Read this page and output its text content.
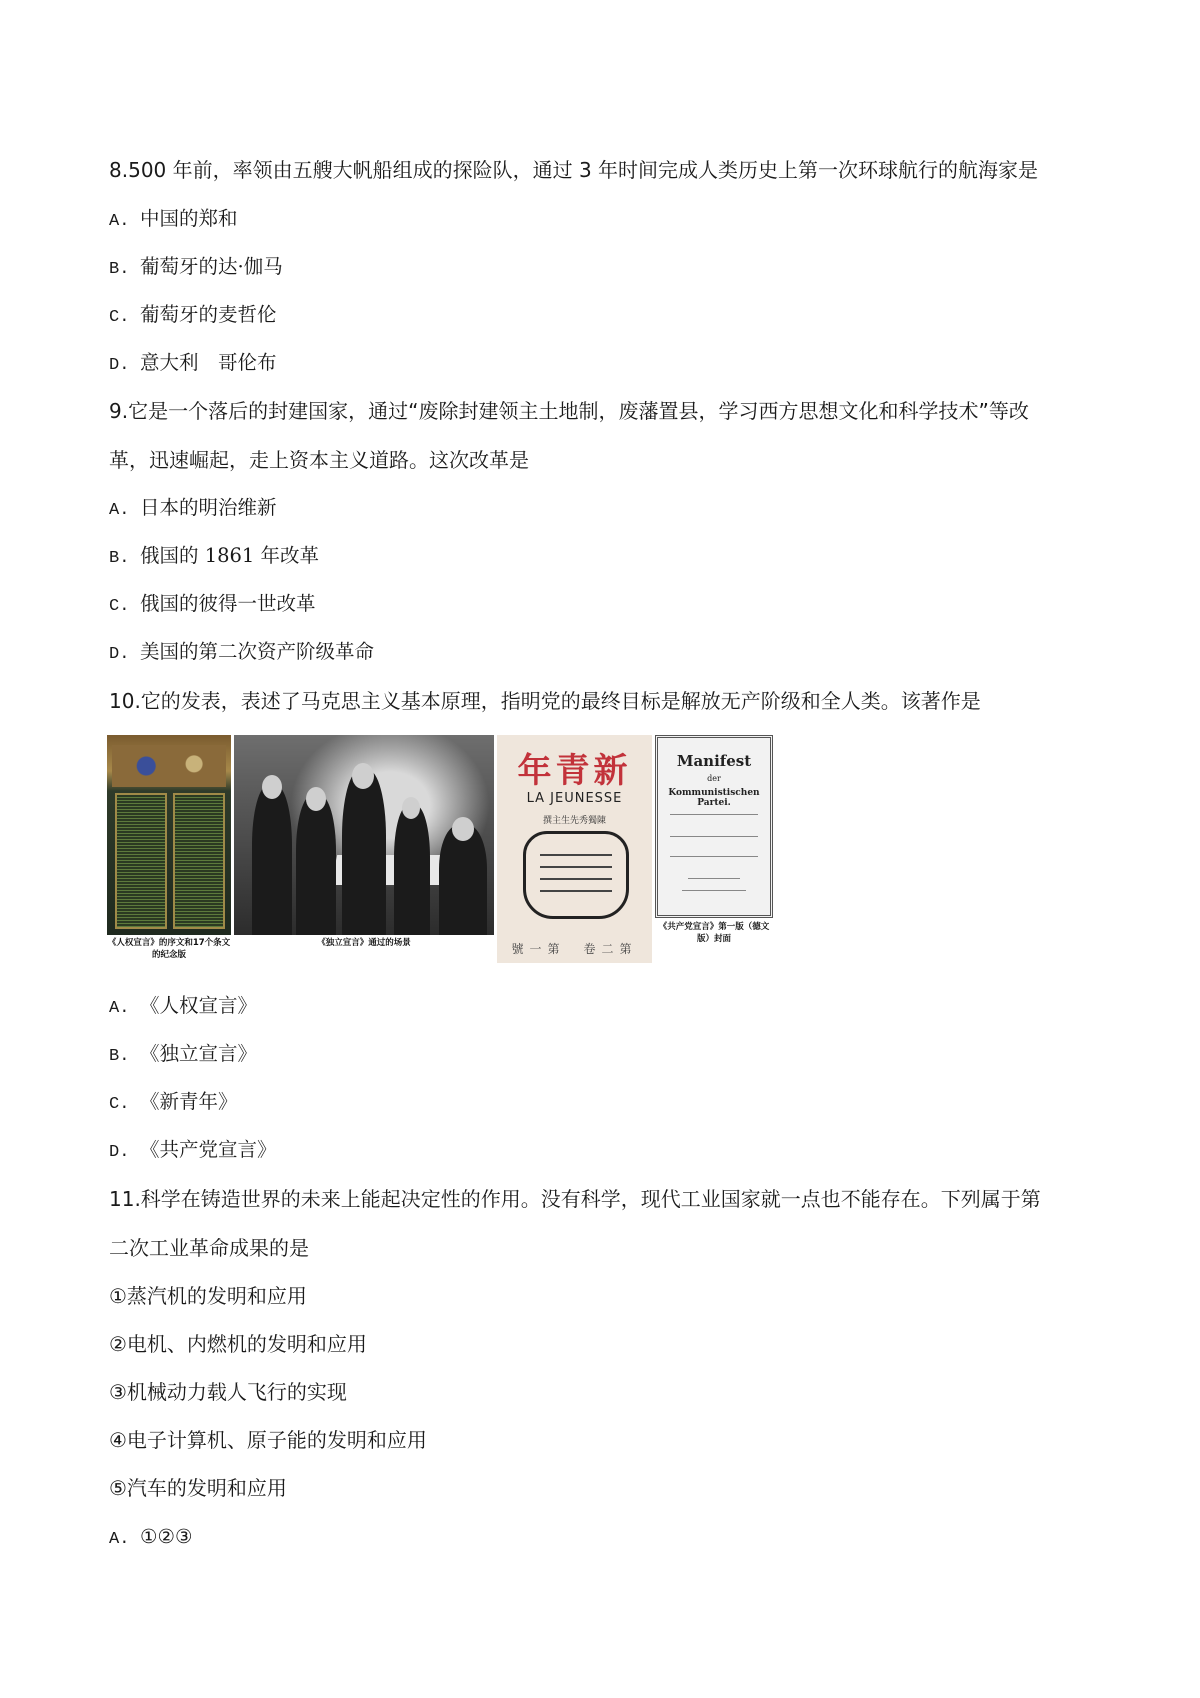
8.500 年前，率领由五艘大帆船组成的探险队，通过 3 年时间完成人类历史上第一次环球航行的航海家是
A. 中国的郑和
B. 葡萄牙的达·伽马
C. 葡萄牙的麦哲伦
D. 意大利　哥伦布
9.它是一个落后的封建国家，通过“废除封建领主土地制，废藩置县，学习西方思想文化和科学技术”等改
革，迅速崛起，走上资本主义道路。这次改革是
A. 日本的明治维新
B. 俄国的 1861 年改革
C. 俄国的彼得一世改革
D. 美国的第二次资产阶级革命
10.它的发表，表述了马克思主义基本原理，指明党的最终目标是解放无产阶级和全人类。该著作是
《人权宣言》的序文和17个条文的纪念版
《独立宣言》通过的场景
年青新
LA JEUNESSE
撰主生先秀獨陳
號一第　卷二第
Manifest
der
Kommunistischen Partei.
《共产党宣言》第一版（德文版）封面
A. 《人权宣言》
B. 《独立宣言》
C. 《新青年》
D. 《共产党宣言》
11.科学在铸造世界的未来上能起决定性的作用。没有科学，现代工业国家就一点也不能存在。下列属于第
二次工业革命成果的是
①蒸汽机的发明和应用
②电机、内燃机的发明和应用
③机械动力载人飞行的实现
④电子计算机、原子能的发明和应用
⑤汽车的发明和应用
A. ①②③
